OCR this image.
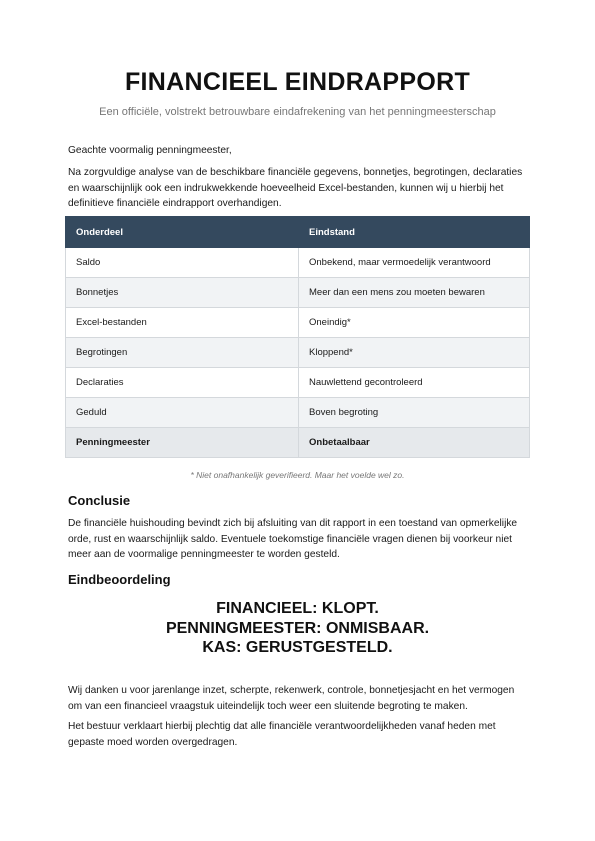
FINANCIEEL EINDRAPPORT
Een officiële, volstrekt betrouwbare eindafrekening van het penningmeesterschap
Geachte voormalig penningmeester,
Na zorgvuldige analyse van de beschikbare financiële gegevens, bonnetjes, begrotingen, declaraties en waarschijnlijk ook een indrukwekkende hoeveelheid Excel-bestanden, kunnen wij u hierbij het definitieve financiële eindrapport overhandigen.
Onderdeel	Eindstand
Saldo	Onbekend, maar vermoedelijk verantwoord
Bonnetjes	Meer dan een mens zou moeten bewaren
Excel-bestanden	Oneindig*
Begrotingen	Kloppend*
Declaraties	Nauwlettend gecontroleerd
Geduld	Boven begroting
Penningmeester	Onbetaalbaar
* Niet onafhankelijk geverifieerd. Maar het voelde wel zo.
Conclusie
De financiële huishouding bevindt zich bij afsluiting van dit rapport in een toestand van opmerkelijke orde, rust en waarschijnlijk saldo. Eventuele toekomstige financiële vragen dienen bij voorkeur niet meer aan de voormalige penningmeester te worden gesteld.
Eindbeoordeling
FINANCIEEL: KLOPT.
PENNINGMEESTER: ONMISBAAR.
KAS: GERUSTGESTELD.
Wij danken u voor jarenlange inzet, scherpte, rekenwerk, controle, bonnetjesjacht en het vermogen om van een financieel vraagstuk uiteindelijk toch weer een sluitende begroting te maken.
Het bestuur verklaart hierbij plechtig dat alle financiële verantwoordelijkheden vanaf heden met gepaste moed worden overgedragen.
